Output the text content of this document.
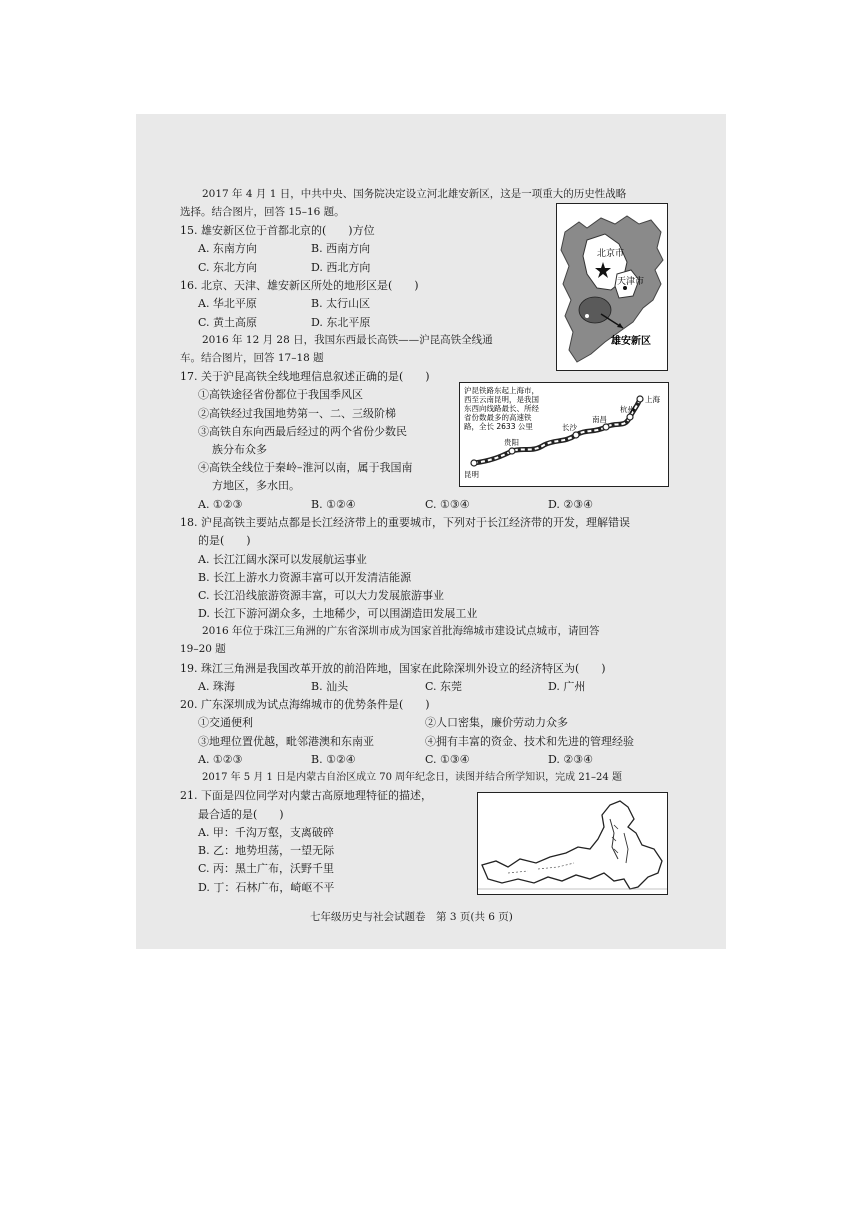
2017 年 4 月 1 日，中共中央、国务院决定设立河北雄安新区，这是一项重大的历史性战略
选择。结合图片，回答 15–16 题。
15. 雄安新区位于首都北京的(　　)方位
A. 东南方向	B. 西南方向
C. 东北方向	D. 西北方向
16. 北京、天津、雄安新区所处的地形区是(　　)
A. 华北平原	B. 太行山区
C. 黄土高原	D. 东北平原
北京市
天津市
雄安新区
2016 年 12 月 28 日，我国东西最长高铁——沪昆高铁全线通
车。结合图片，回答 17–18 题
17. 关于沪昆高铁全线地理信息叙述正确的是(　　)
①高铁途径省份都位于我国季风区
②高铁经过我国地势第一、二、三级阶梯
③高铁自东向西最后经过的两个省份少数民
族分布众多
④高铁全线位于秦岭–淮河以南，属于我国南
方地区，多水田。
A. ①②③	B. ①②④	C. ①③④	D. ②③④
沪昆铁路东起上海市，
西至云南昆明，是我国
东西向线路最长、所经
省份数最多的高速铁
路，全长 2633 公里
上海
杭州
南昌
长沙
贵阳
昆明
18. 沪昆高铁主要站点都是长江经济带上的重要城市，下列对于长江经济带的开发，理解错误
的是(　　)
A. 长江江阔水深可以发展航运事业
B. 长江上游水力资源丰富可以开发清洁能源
C. 长江沿线旅游资源丰富，可以大力发展旅游事业
D. 长江下游河湖众多，土地稀少，可以围湖造田发展工业
2016 年位于珠江三角洲的广东省深圳市成为国家首批海绵城市建设试点城市，请回答
19–20 题
19. 珠江三角洲是我国改革开放的前沿阵地，国家在此除深圳外设立的经济特区为(　　)
A. 珠海	B. 汕头	C. 东莞	D. 广州
20. 广东深圳成为试点海绵城市的优势条件是(　　)
①交通便利	②人口密集，廉价劳动力众多
③地理位置优越，毗邻港澳和东南亚	④拥有丰富的资金、技术和先进的管理经验
A. ①②③	B. ①②④	C. ①③④	D. ②③④
2017 年 5 月 1 日是内蒙古自治区成立 70 周年纪念日，读图并结合所学知识，完成 21–24 题
21. 下面是四位同学对内蒙古高原地理特征的描述，
最合适的是(　　)
A. 甲：千沟万壑，支离破碎
B. 乙：地势坦荡，一望无际
C. 丙：黑土广布，沃野千里
D. 丁：石林广布，崎岖不平
七年级历史与社会试题卷　第 3 页(共 6 页)
